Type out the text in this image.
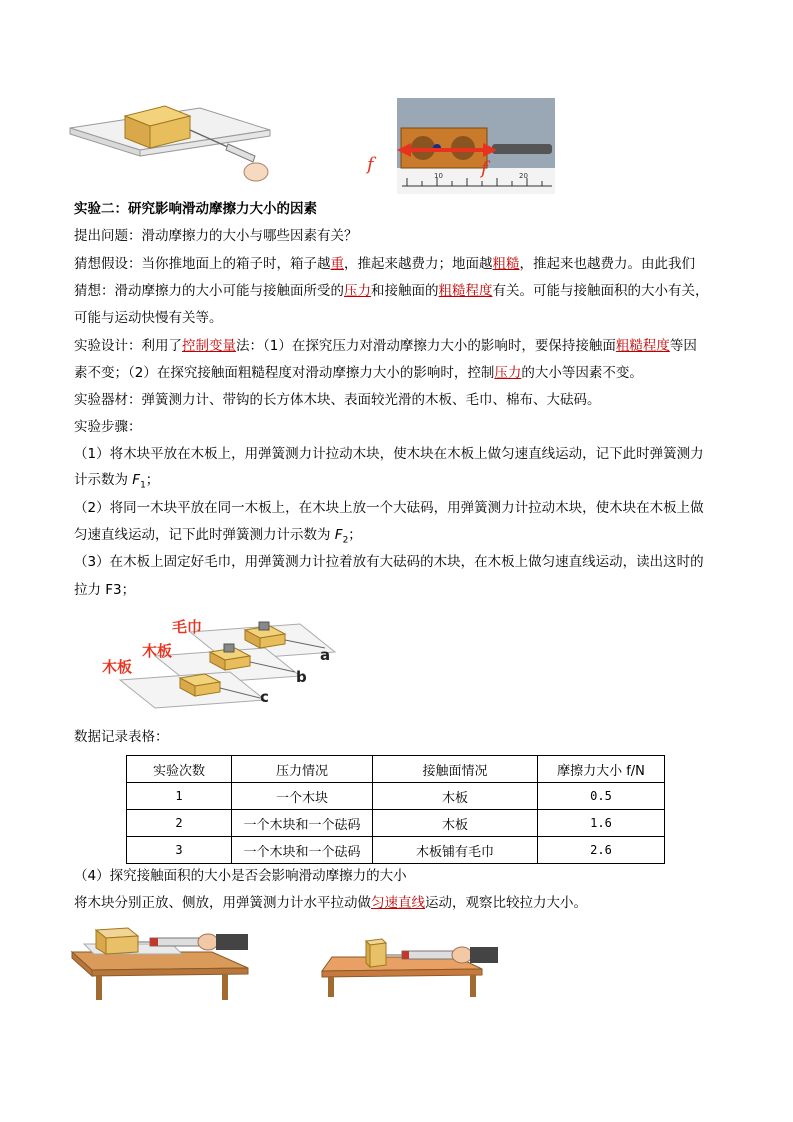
10	20
f	f
实验二：研究影响滑动摩擦力大小的因素
提出问题：滑动摩擦力的大小与哪些因素有关？
猜想假设：当你推地面上的箱子时，箱子越重，推起来越费力；地面越粗糙，推起来也越费力。由此我们
猜想：滑动摩擦力的大小可能与接触面所受的压力和接触面的粗糙程度有关。可能与接触面积的大小有关，
可能与运动快慢有关等。
实验设计：利用了控制变量法：（1）在探究压力对滑动摩擦力大小的影响时，要保持接触面粗糙程度等因
素不变；（2）在探究接触面粗糙程度对滑动摩擦力大小的影响时，控制压力的大小等因素不变。
实验器材：弹簧测力计、带钩的长方体木块、表面较光滑的木板、毛巾、棉布、大砝码。
实验步骤：
（1）将木块平放在木板上，用弹簧测力计拉动木块，使木块在木板上做匀速直线运动，记下此时弹簧测力
计示数为 $F_1$；
（2）将同一木块平放在同一木板上，在木块上放一个大砝码，用弹簧测力计拉动木块，使木块在木板上做
匀速直线运动，记下此时弹簧测力计示数为 $F_2$；
（3）在木板上固定好毛巾，用弹簧测力计拉着放有大砝码的木块，在木板上做匀速直线运动，读出这时的
拉力 F3；
毛巾
木板
木板
a
b
c
数据记录表格：
实验次数	压力情况	接触面情况	摩擦力大小 f/N
1	一个木块	木板	0.5
2	一个木块和一个砝码	木板	1.6
3	一个木块和一个砝码	木板铺有毛巾	2.6
（4）探究接触面积的大小是否会影响滑动摩擦力的大小
将木块分别正放、侧放，用弹簧测力计水平拉动做匀速直线运动，观察比较拉力大小。
